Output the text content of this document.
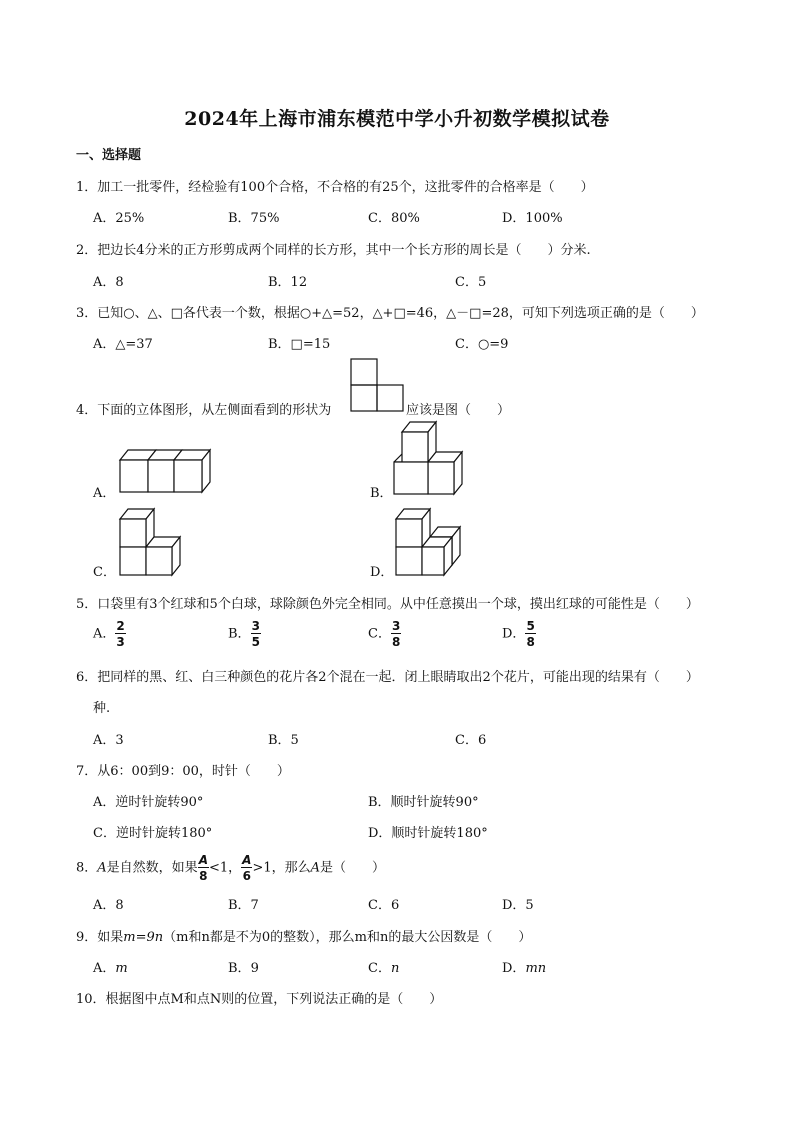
2024年上海市浦东模范中学小升初数学模拟试卷
一、选择题
1．加工一批零件，经检验有100个合格，不合格的有25个，这批零件的合格率是（　　）
A．25%	B．75%	C．80%	D．100%
2．把边长4分米的正方形剪成两个同样的长方形，其中一个长方形的周长是（　　）分米.
A．8	B．12	C．5
3．已知○、△、□各代表一个数，根据○+△=52，△+□=46，△－□=28，可知下列选项正确的是（　　）
A．△=37	B．□=15	C．○=9
4．下面的立体图形，从左侧面看到的形状为	应该是图（　　）
A．	B．
C．	D．
5．口袋里有3个红球和5个白球，球除颜色外完全相同。从中任意摸出一个球，摸出红球的可能性是（　　）
A． $\frac{2}{3}$	B． $\frac{3}{5}$	C． $\frac{3}{8}$	D． $\frac{5}{8}$
6．把同样的黑、红、白三种颜色的花片各2个混在一起．闭上眼睛取出2个花片，可能出现的结果有（　　）
种.
A．3	B．5	C．6
7．从6：00到9：00，时针（　　）
A．逆时针旋转90°	B．顺时针旋转90°
C．逆时针旋转180°	D．顺时针旋转180°
8．A是自然数，如果 $\frac{A}{8} <1$， $\frac{A}{6} >1$，那么A是（　　）
A．8	B．7	C．6	D．5
9．如果m=9n（m和n都是不为0的整数），那么m和n的最大公因数是（　　）
A．m	B．9	C．n	D．mn
10．根据图中点M和点N则的位置，下列说法正确的是（　　）
